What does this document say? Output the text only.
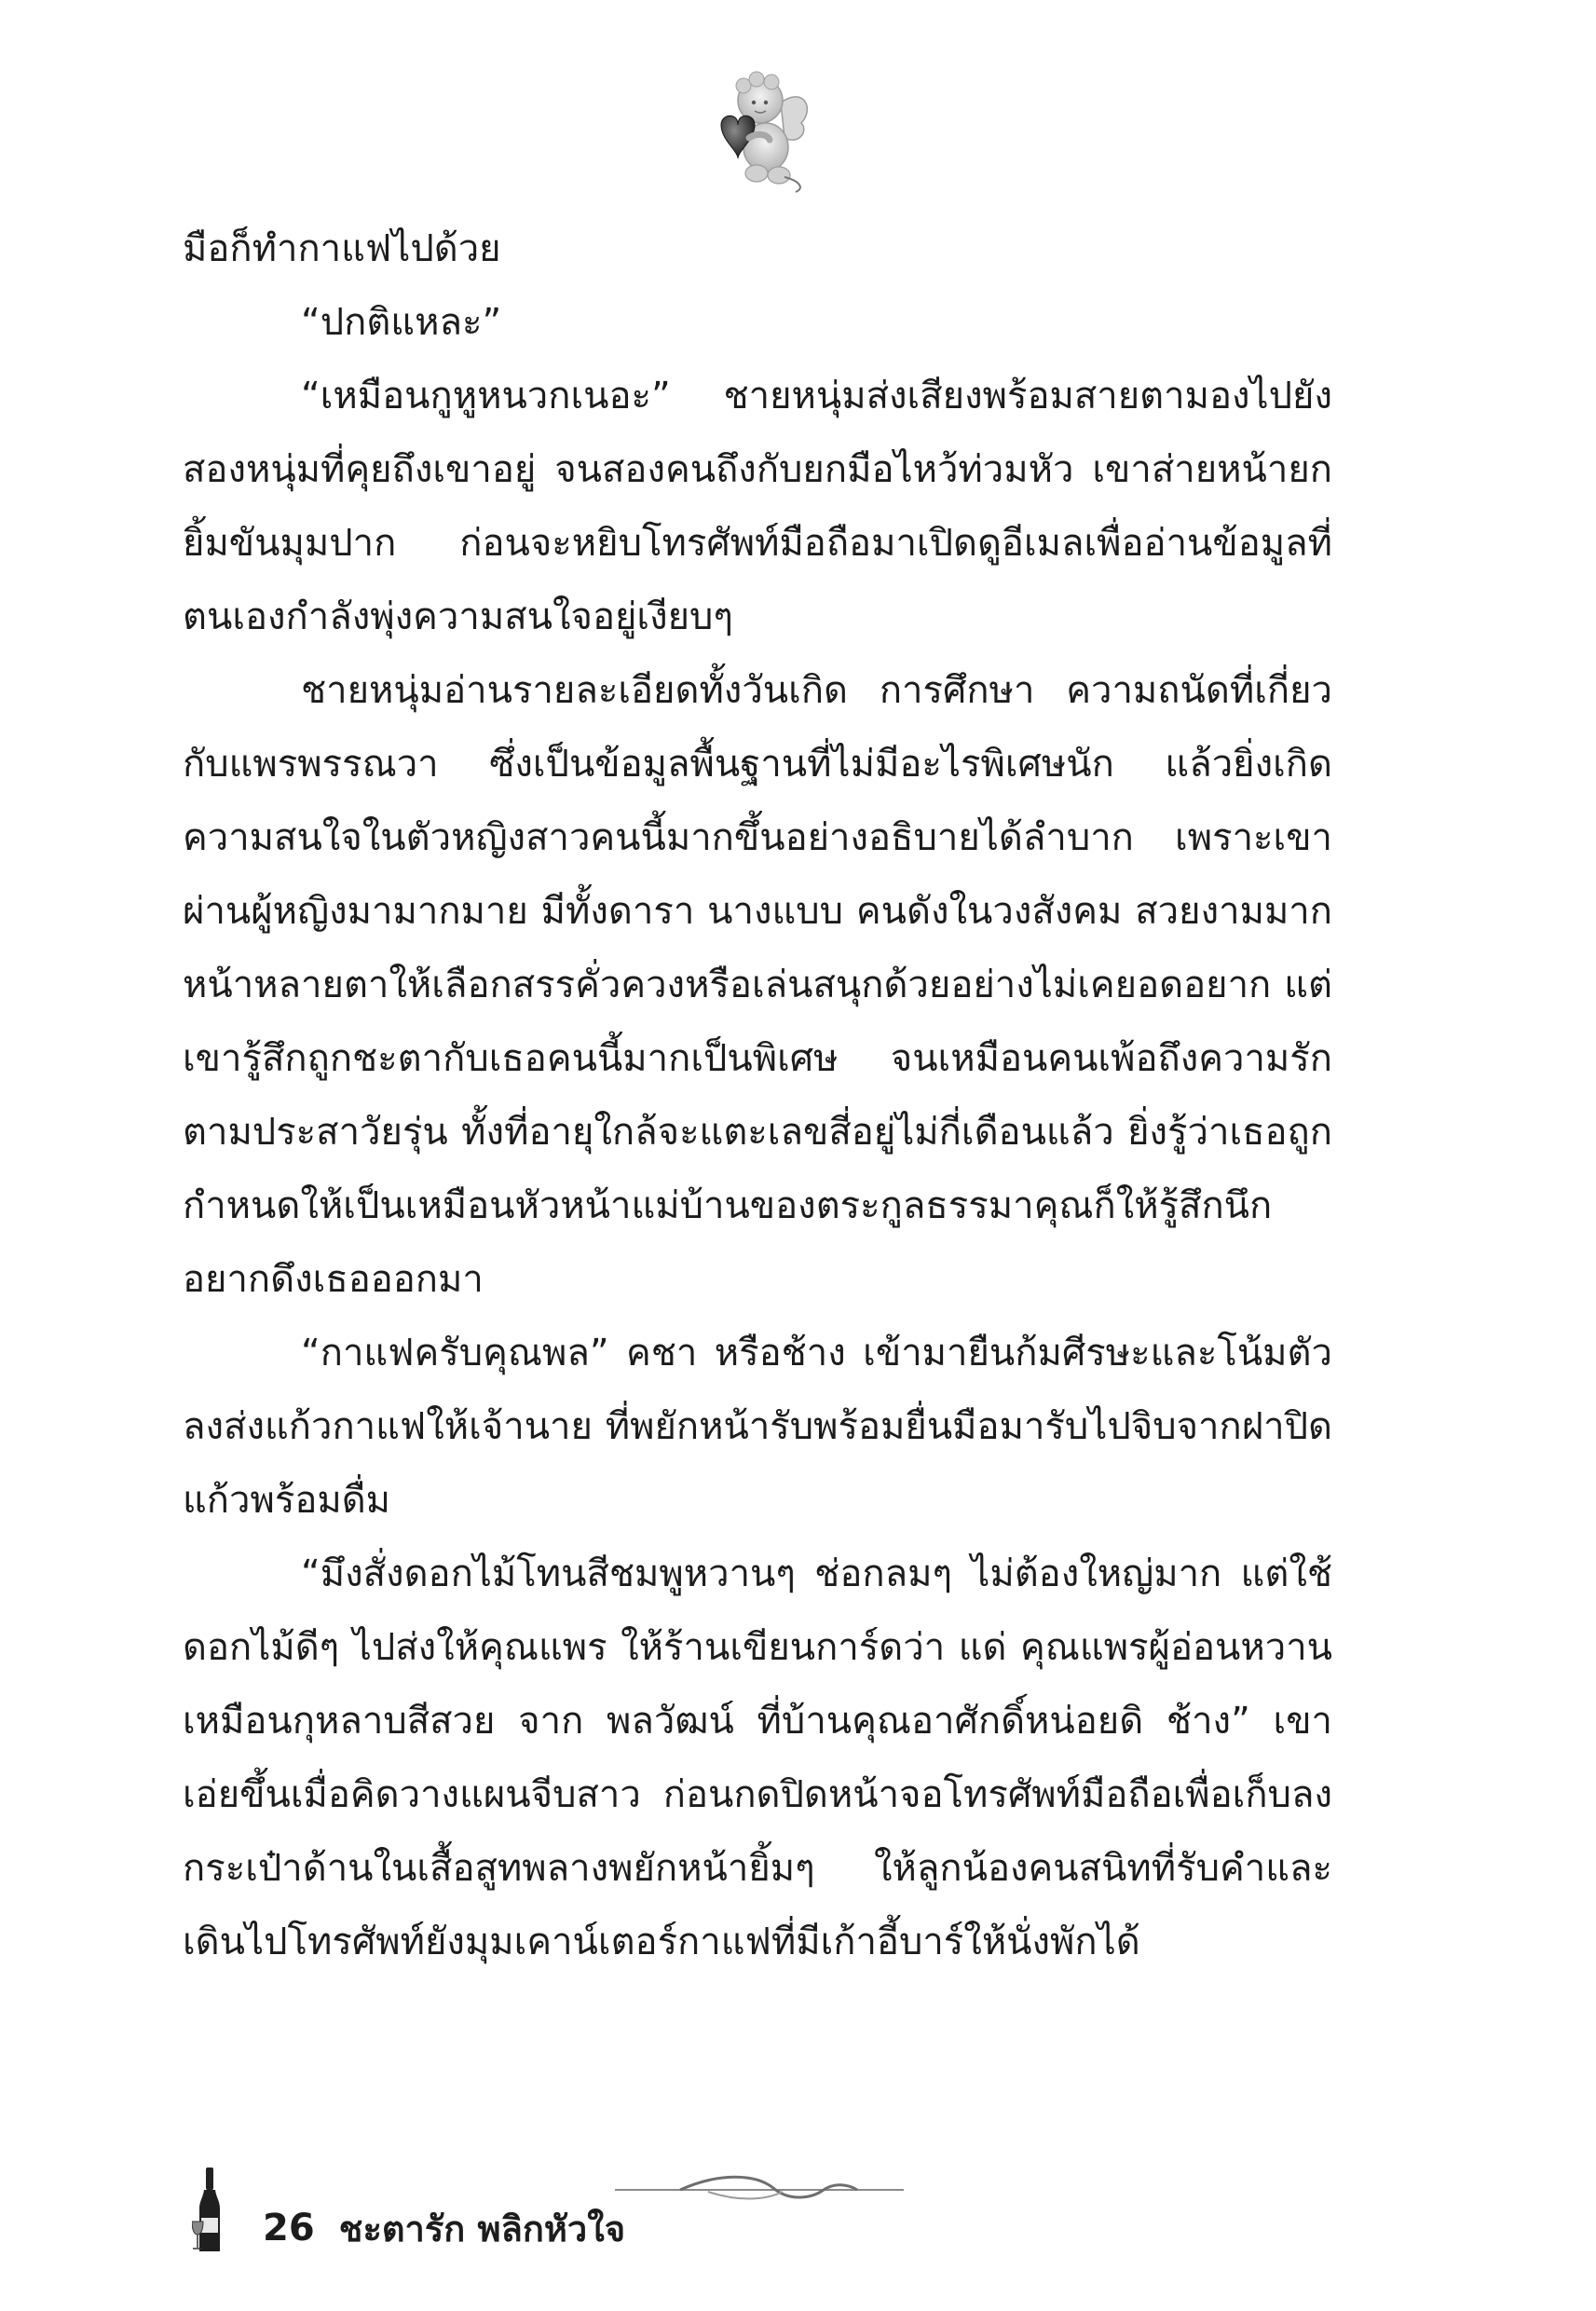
มือก็ทำกาแฟไปด้วย

“ปกติแหละ”

“เหมือนกูหูหนวกเนอะ” ชายหนุ่มส่งเสียงพร้อมสายตามองไปยังสองหนุ่มที่คุยถึงเขาอยู่ จนสองคนถึงกับยกมือไหว้ท่วมหัว เขาส่ายหน้ายกยิ้มขันมุมปาก ก่อนจะหยิบโทรศัพท์มือถือมาเปิดดูอีเมลเพื่ออ่านข้อมูลที่ตนเองกำลังพุ่งความสนใจอยู่เงียบๆ

ชายหนุ่มอ่านรายละเอียดทั้งวันเกิด การศึกษา ความถนัดที่เกี่ยวกับแพรพรรณวา ซึ่งเป็นข้อมูลพื้นฐานที่ไม่มีอะไรพิเศษนัก แล้วยิ่งเกิดความสนใจในตัวหญิงสาวคนนี้มากขึ้นอย่างอธิบายได้ลำบาก เพราะเขาผ่านผู้หญิงมามากมาย มีทั้งดารา นางแบบ คนดังในวงสังคม สวยงามมากหน้าหลายตาให้เลือกสรรคั่วควงหรือเล่นสนุกด้วยอย่างไม่เคยอดอยาก แต่เขารู้สึกถูกชะตากับเธอคนนี้มากเป็นพิเศษ จนเหมือนคนเพ้อถึงความรักตามประสาวัยรุ่น ทั้งที่อายุใกล้จะแตะเลขสี่อยู่ไม่กี่เดือนแล้ว ยิ่งรู้ว่าเธอถูกกำหนดให้เป็นเหมือนหัวหน้าแม่บ้านของตระกูลธรรมาคุณก็ให้รู้สึกนึกอยากดึงเธอออกมา

“กาแฟครับคุณพล” คชา หรือช้าง เข้ามายืนก้มศีรษะและโน้มตัวลงส่งแก้วกาแฟให้เจ้านาย ที่พยักหน้ารับพร้อมยื่นมือมารับไปจิบจากฝาปิดแก้วพร้อมดื่ม

“มึงสั่งดอกไม้โทนสีชมพูหวานๆ ช่อกลมๆ ไม่ต้องใหญ่มาก แต่ใช้ดอกไม้ดีๆ ไปส่งให้คุณแพร ให้ร้านเขียนการ์ดว่า แด่ คุณแพรผู้อ่อนหวานเหมือนกุหลาบสีสวย จาก พลวัฒน์ ที่บ้านคุณอาศักดิ์หน่อยดิ ช้าง” เขาเอ่ยขึ้นเมื่อคิดวางแผนจีบสาว ก่อนกดปิดหน้าจอโทรศัพท์มือถือเพื่อเก็บลงกระเป๋าด้านในเสื้อสูทพลางพยักหน้ายิ้มๆ ให้ลูกน้องคนสนิทที่รับคำและเดินไปโทรศัพท์ยังมุมเคาน์เตอร์กาแฟที่มีเก้าอี้บาร์ให้นั่งพักได้

26 ชะตารัก พลิกหัวใจ
